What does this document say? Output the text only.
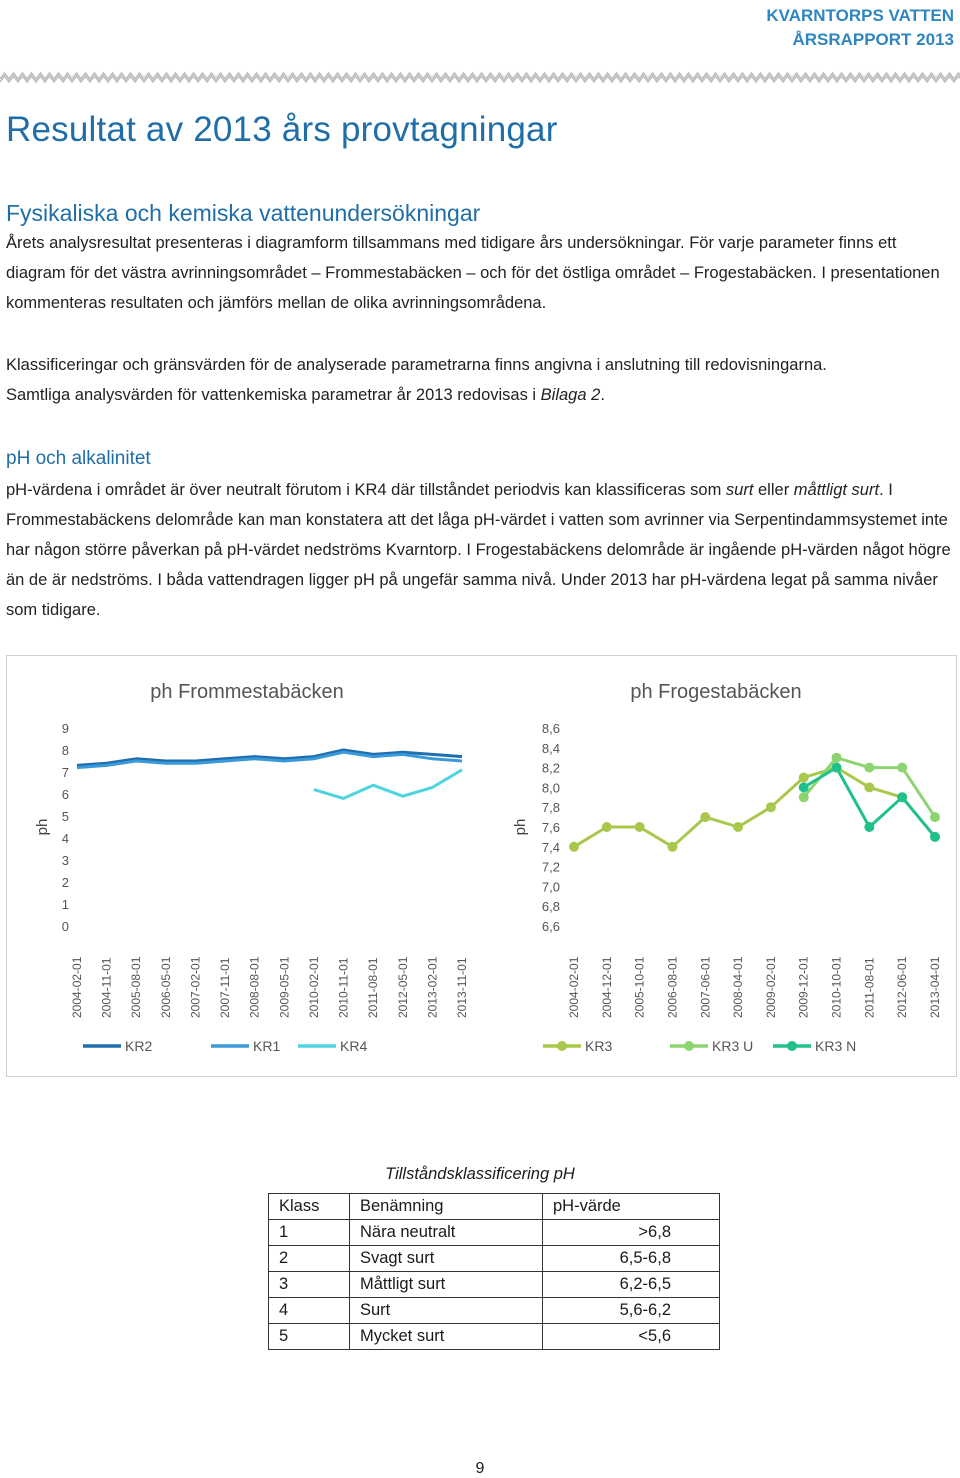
KVARNTORPS VATTEN
ÅRSRAPPORT 2013
Resultat av 2013 års provtagningar
Fysikaliska och kemiska vattenundersökningar

Årets analysresultat presenteras i diagramform tillsammans med tidigare års undersökningar. För varje parameter finns ett diagram för det västra avrinningsområdet – Frommestabäcken – och för det östliga området – Frogestabäcken. I presentationen kommenteras resultaten och jämförs mellan de olika avrinningsområdena.

Klassificeringar och gränsvärden för de analyserade parametrarna finns angivna i anslutning till redovisningarna.

Samtliga analysvärden för vattenkemiska parametrar år 2013 redovisas i Bilaga 2.

pH och alkalinitet

pH-värdena i området är över neutralt förutom i KR4 där tillståndet periodvis kan klassificeras som surt eller måttligt surt. I Frommestabäckens delområde kan man konstatera att det låga pH-värdet i vatten som avrinner via Serpentindammsystemet inte har någon större påverkan på pH-värdet nedströms Kvarntorp. I Frogestabäckens delområde är ingående pH-värden något högre än de är nedströms. I båda vattendragen ligger pH på ungefär samma nivå. Under 2013 har pH-värdena legat på samma nivåer som tidigare.

ph Frommestabäcken
ph
9
8
7
6
5
4
3
2
1
0
2004-02-01 2004-11-01 2005-08-01 2006-05-01 2007-02-01 2007-11-01 2008-08-01 2009-05-01 2010-02-01 2010-11-01 2011-08-01 2012-05-01 2013-02-01 2013-11-01
KR2	KR1	KR4
ph Frogestabäcken
ph
8,6
8,4
8,2
8,0
7,8
7,6
7,4
7,2
7,0
6,8
6,6
2004-02-01 2004-12-01 2005-10-01 2006-08-01 2007-06-01 2008-04-01 2009-02-01 2009-12-01 2010-10-01 2011-08-01 2012-06-01 2013-04-01
KR3	KR3 U	KR3 N
Tillståndsklassificering pH
Klass	Benämning	pH-värde
1	Nära neutralt	>6,8
2	Svagt surt	6,5-6,8
3	Måttligt surt	6,2-6,5
4	Surt	5,6-6,2
5	Mycket surt	<5,6
9
